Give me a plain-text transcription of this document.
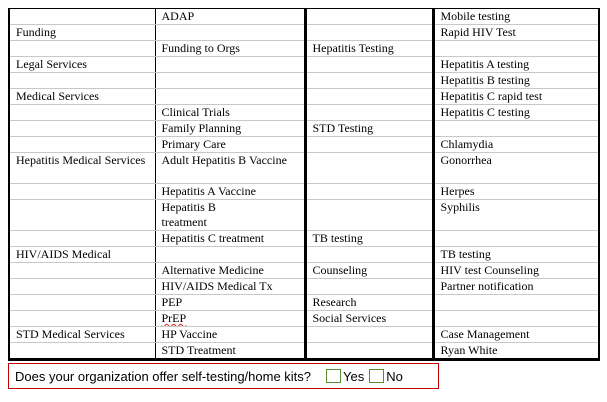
	ADAP		Mobile testing
Funding			Rapid HIV Test
	Funding to Orgs	Hepatitis Testing	
Legal Services			Hepatitis A testing
			Hepatitis B testing
Medical Services			Hepatitis C rapid test
	Clinical Trials		Hepatitis C testing
	Family Planning	STD Testing	
	Primary Care		Chlamydia
Hepatitis Medical Services	Adult Hepatitis B Vaccine		Gonorrhea
	Hepatitis A Vaccine		Herpes
	Hepatitis B treatment		Syphilis
	Hepatitis C treatment	TB testing	
HIV/AIDS Medical			TB testing
	Alternative Medicine	Counseling	HIV test Counseling
	HIV/AIDS Medical Tx		Partner notification
	PEP	Research	
	PrEP	Social Services	
STD Medical Services	HP Vaccine		Case Management
	STD Treatment		Ryan White
Does your organization offer self-testing/home kits? Yes No
